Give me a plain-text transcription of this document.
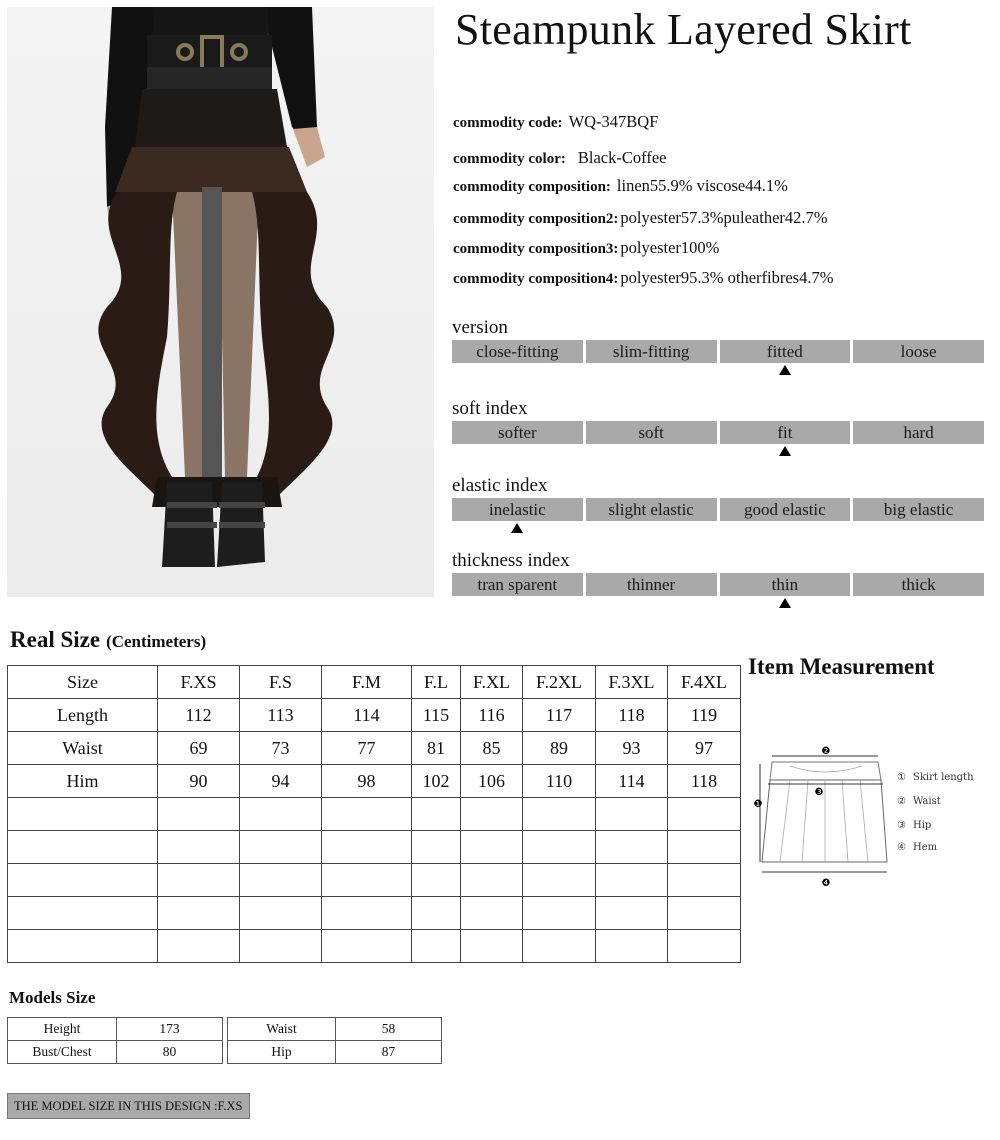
Steampunk Layered Skirt
commodity code: WQ-347BQF
commodity color: Black-Coffee
commodity composition: linen55.9% viscose44.1%
commodity composition2: polyester57.3%puleather42.7%
commodity composition3: polyester100%
commodity composition4: polyester95.3% otherfibres4.7%
version
close-fitting	slim-fitting	fitted	loose
soft index
softer	soft	fit	hard
elastic index
inelastic	slight elastic	good elastic	big elastic
thickness index
tran sparent	thinner	thin	thick
Real Size (Centimeters)
Size	F.XS	F.S	F.M	F.L	F.XL	F.2XL	F.3XL	F.4XL
Length	112	113	114	115	116	117	118	119
Waist	69	73	77	81	85	89	93	97
Him	90	94	98	102	106	110	114	118

Item Measurement
❷
❸
❶
❹
① Skirt length
② Waist
③ Hip
④ Hem
Models Size
Height	173
Bust/Chest	80
Waist	58
Hip	87
THE MODEL SIZE IN THIS DESIGN :F.XS
